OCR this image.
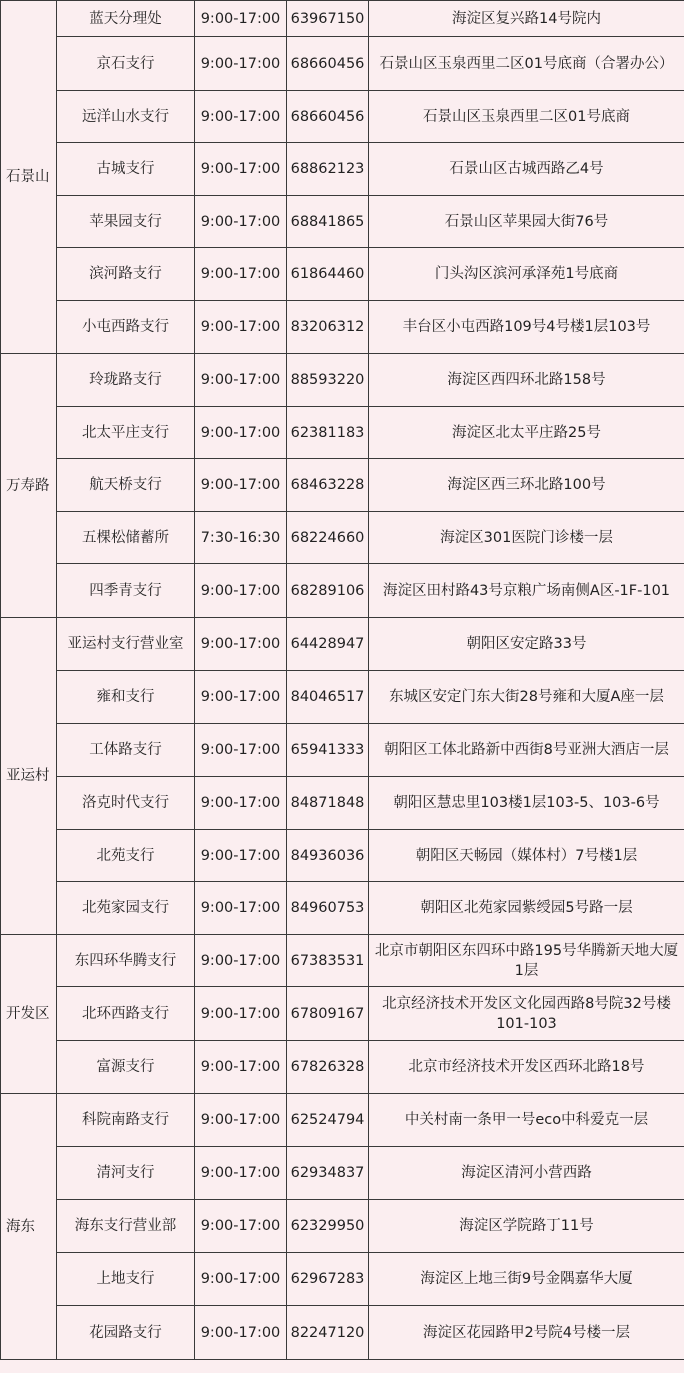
石景山	蓝天分理处	9:00-17:00	63967150	海淀区复兴路14号院内
	京石支行	9:00-17:00	68660456	石景山区玉泉西里二区01号底商（合署办公）
	远洋山水支行	9:00-17:00	68660456	石景山区玉泉西里二区01号底商
	古城支行	9:00-17:00	68862123	石景山区古城西路乙4号
	苹果园支行	9:00-17:00	68841865	石景山区苹果园大街76号
	滨河路支行	9:00-17:00	61864460	门头沟区滨河承泽苑1号底商
	小屯西路支行	9:00-17:00	83206312	丰台区小屯西路109号4号楼1层103号
万寿路	玲珑路支行	9:00-17:00	88593220	海淀区西四环北路158号
	北太平庄支行	9:00-17:00	62381183	海淀区北太平庄路25号
	航天桥支行	9:00-17:00	68463228	海淀区西三环北路100号
	五棵松储蓄所	7:30-16:30	68224660	海淀区301医院门诊楼一层
	四季青支行	9:00-17:00	68289106	海淀区田村路43号京粮广场南侧A区-1F-101
亚运村	亚运村支行营业室	9:00-17:00	64428947	朝阳区安定路33号
	雍和支行	9:00-17:00	84046517	东城区安定门东大街28号雍和大厦A座一层
	工体路支行	9:00-17:00	65941333	朝阳区工体北路新中西街8号亚洲大酒店一层
	洛克时代支行	9:00-17:00	84871848	朝阳区慧忠里103楼1层103-5、103-6号
	北苑支行	9:00-17:00	84936036	朝阳区天畅园（媒体村）7号楼1层
	北苑家园支行	9:00-17:00	84960753	朝阳区北苑家园紫绶园5号路一层
开发区	东四环华腾支行	9:00-17:00	67383531	北京市朝阳区东四环中路195号华腾新天地大厦1层
	北环西路支行	9:00-17:00	67809167	北京经济技术开发区文化园西路8号院32号楼101-103
	富源支行	9:00-17:00	67826328	北京市经济技术开发区西环北路18号
海东	科院南路支行	9:00-17:00	62524794	中关村南一条甲一号eco中科爱克一层
	清河支行	9:00-17:00	62934837	海淀区清河小营西路
	海东支行营业部	9:00-17:00	62329950	海淀区学院路丁11号
	上地支行	9:00-17:00	62967283	海淀区上地三街9号金隅嘉华大厦
	花园路支行	9:00-17:00	82247120	海淀区花园路甲2号院4号楼一层
